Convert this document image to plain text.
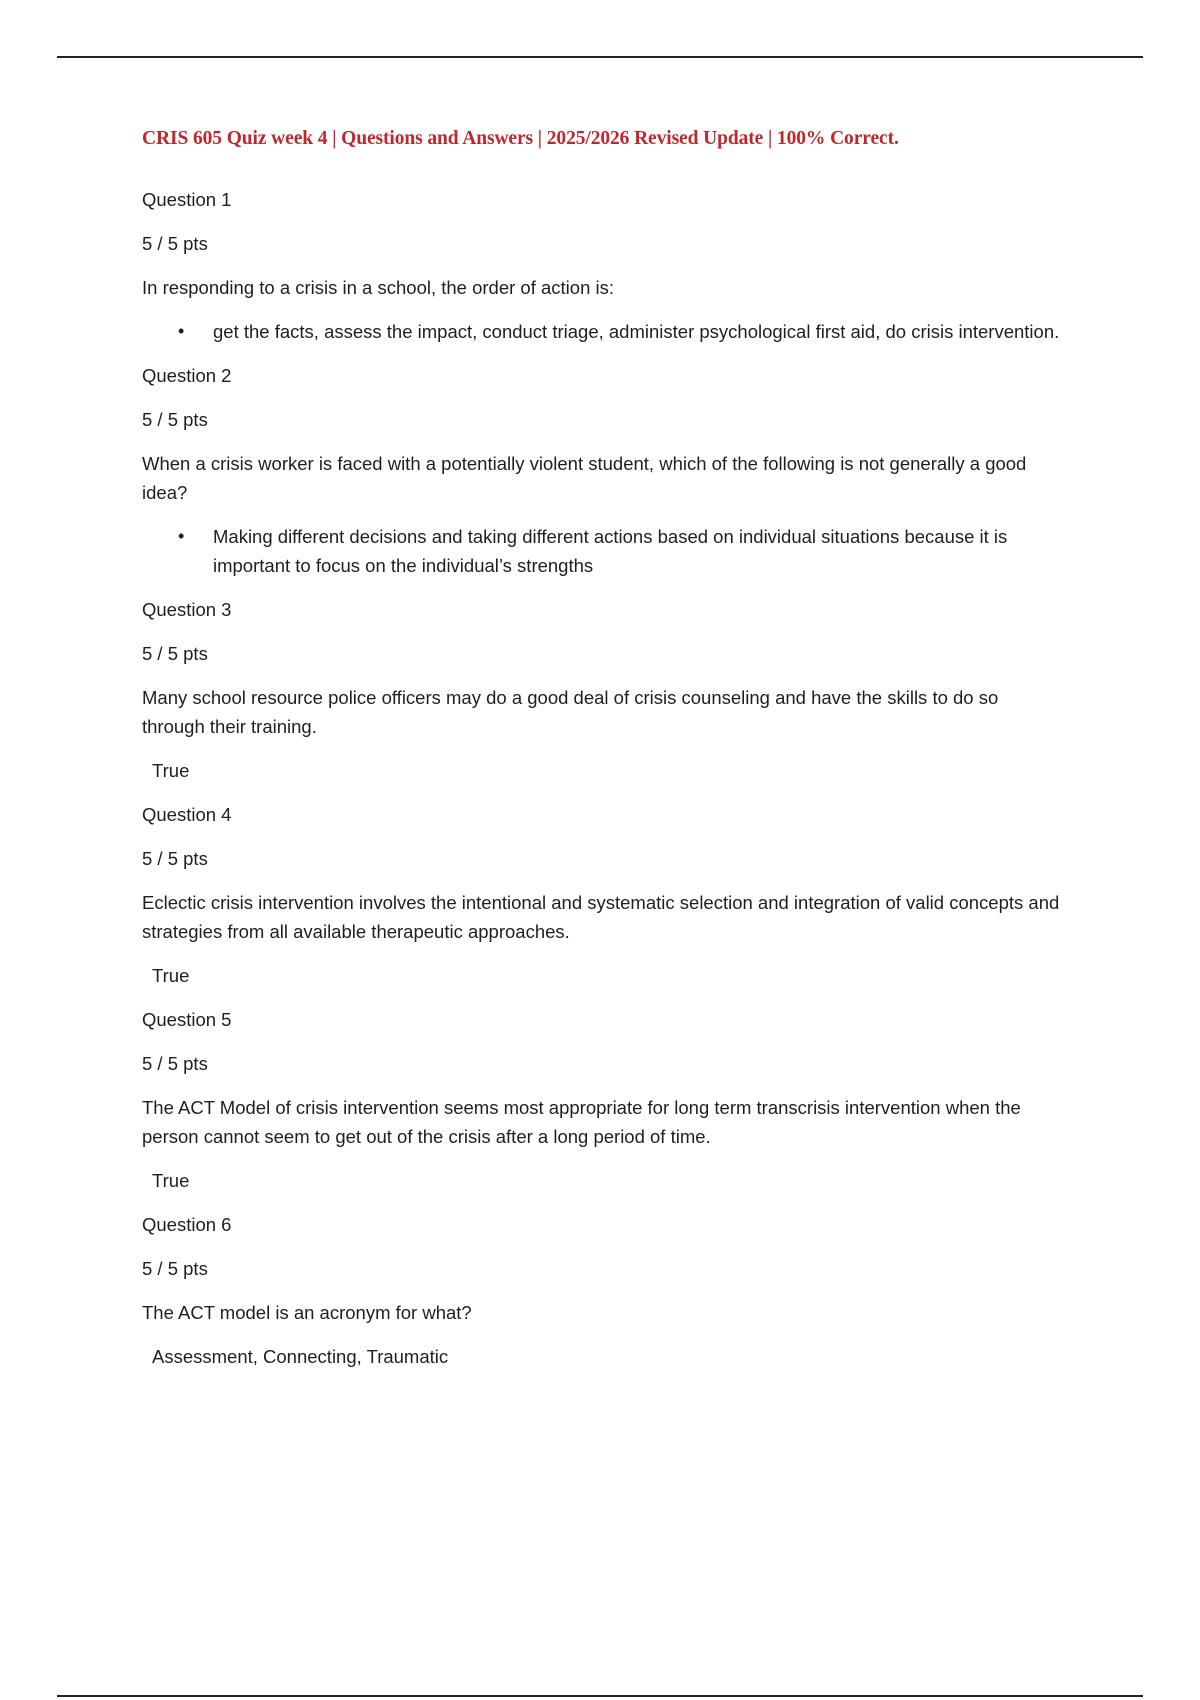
CRIS 605 Quiz week 4 | Questions and Answers | 2025/2026 Revised Update | 100% Correct.
Question 1
5 / 5 pts
In responding to a crisis in a school, the order of action is:
• get the facts, assess the impact, conduct triage, administer psychological first aid, do crisis intervention.
Question 2
5 / 5 pts
When a crisis worker is faced with a potentially violent student, which of the following is not generally a good idea?
• Making different decisions and taking different actions based on individual situations because it is important to focus on the individual’s strengths
Question 3
5 / 5 pts
Many school resource police officers may do a good deal of crisis counseling and have the skills to do so through their training.
True
Question 4
5 / 5 pts
Eclectic crisis intervention involves the intentional and systematic selection and integration of valid concepts and strategies from all available therapeutic approaches.
True
Question 5
5 / 5 pts
The ACT Model of crisis intervention seems most appropriate for long term transcrisis intervention when the person cannot seem to get out of the crisis after a long period of time.
True
Question 6
5 / 5 pts
The ACT model is an acronym for what?
Assessment, Connecting, Traumatic
